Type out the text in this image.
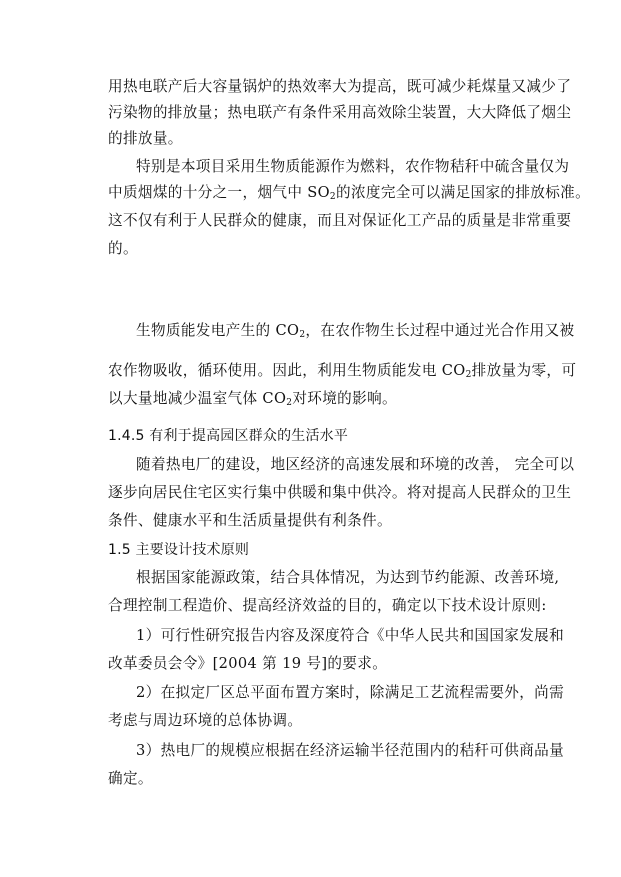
用热电联产后大容量锅炉的热效率大为提高，既可减少耗煤量又减少了
污染物的排放量；热电联产有条件采用高效除尘装置，大大降低了烟尘
的排放量。
特别是本项目采用生物质能源作为燃料，农作物秸秆中硫含量仅为
中质烟煤的十分之一，烟气中 $SO_2$的浓度完全可以满足国家的排放标准。
这不仅有利于人民群众的健康，而且对保证化工产品的质量是非常重要
的。
生物质能发电产生的 $CO_2$，在农作物生长过程中通过光合作用又被
农作物吸收，循环使用。因此，利用生物质能发电 $CO_2$排放量为零，可
以大量地减少温室气体 $CO_2$对环境的影响。
1.4.5 有利于提高园区群众的生活水平
随着热电厂的建设，地区经济的高速发展和环境的改善， 完全可以
逐步向居民住宅区实行集中供暖和集中供冷。将对提高人民群众的卫生
条件、健康水平和生活质量提供有利条件。
1.5 主要设计技术原则
根据国家能源政策，结合具体情况，为达到节约能源、改善环境,
合理控制工程造价、提高经济效益的目的，确定以下技术设计原则:
1）可行性研究报告内容及深度符合《中华人民共和国国家发展和
改革委员会令》[2004 第 19 号]的要求。
2）在拟定厂区总平面布置方案时，除满足工艺流程需要外，尚需
考虑与周边环境的总体协调。
3）热电厂的规模应根据在经济运输半径范围内的秸秆可供商品量
确定。
